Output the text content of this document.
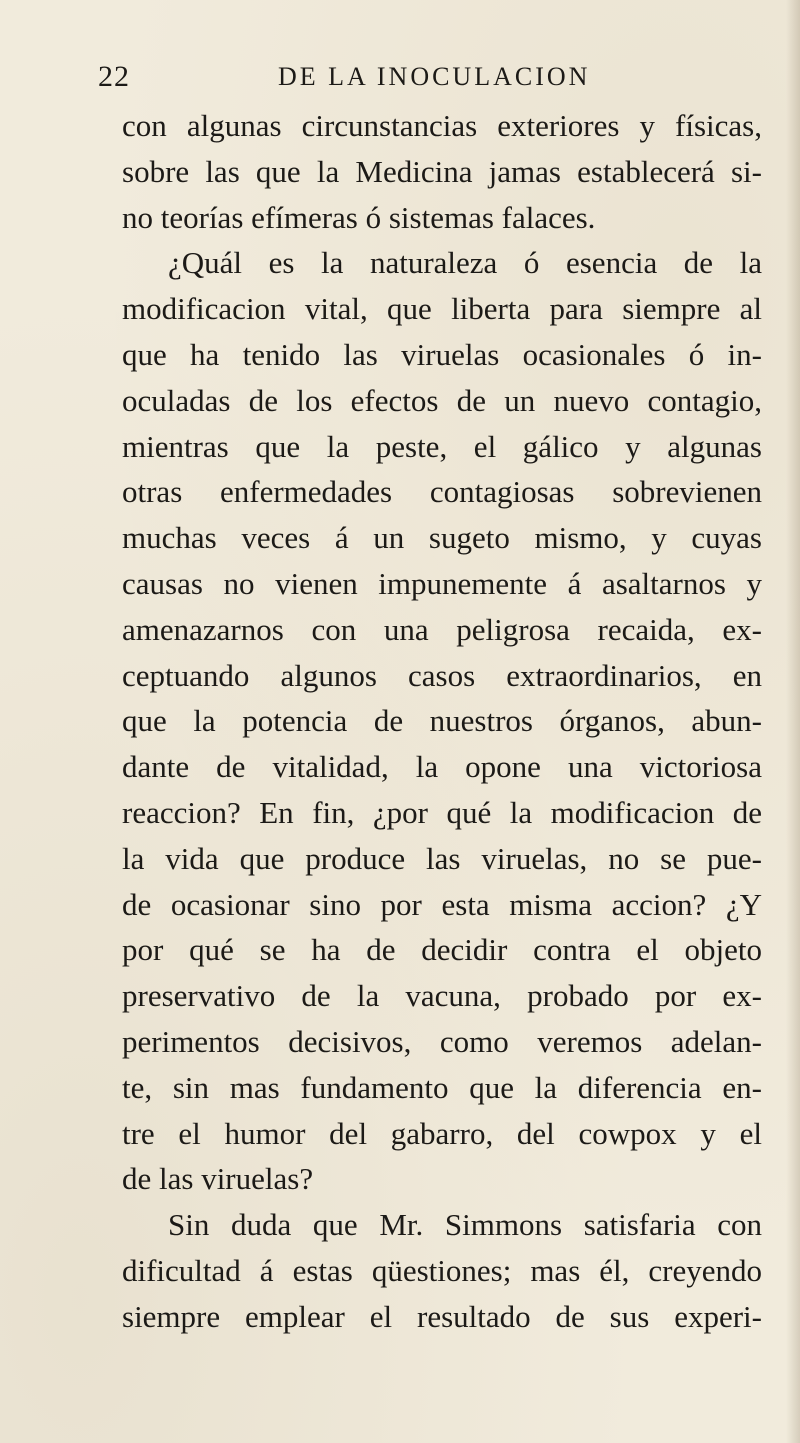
22	DE LA INOCULACION
con algunas circunstancias exteriores y físicas,
sobre las que la Medicina jamas establecerá si-
no teorías efímeras ó sistemas falaces.
¿Quál es la naturaleza ó esencia de la
modificacion vital, que liberta para siempre al
que ha tenido las viruelas ocasionales ó in-
oculadas de los efectos de un nuevo contagio,
mientras que la peste, el gálico y algunas
otras enfermedades contagiosas sobrevienen
muchas veces á un sugeto mismo, y cuyas
causas no vienen impunemente á asaltarnos y
amenazarnos con una peligrosa recaida, ex-
ceptuando algunos casos extraordinarios, en
que la potencia de nuestros órganos, abun-
dante de vitalidad, la opone una victoriosa
reaccion? En fin, ¿por qué la modificacion de
la vida que produce las viruelas, no se pue-
de ocasionar sino por esta misma accion? ¿Y
por qué se ha de decidir contra el objeto
preservativo de la vacuna, probado por ex-
perimentos decisivos, como veremos adelan-
te, sin mas fundamento que la diferencia en-
tre el humor del gabarro, del cowpox y el
de las viruelas?
Sin duda que Mr. Simmons satisfaria con
dificultad á estas qüestiones; mas él, creyendo
siempre emplear el resultado de sus experi-
